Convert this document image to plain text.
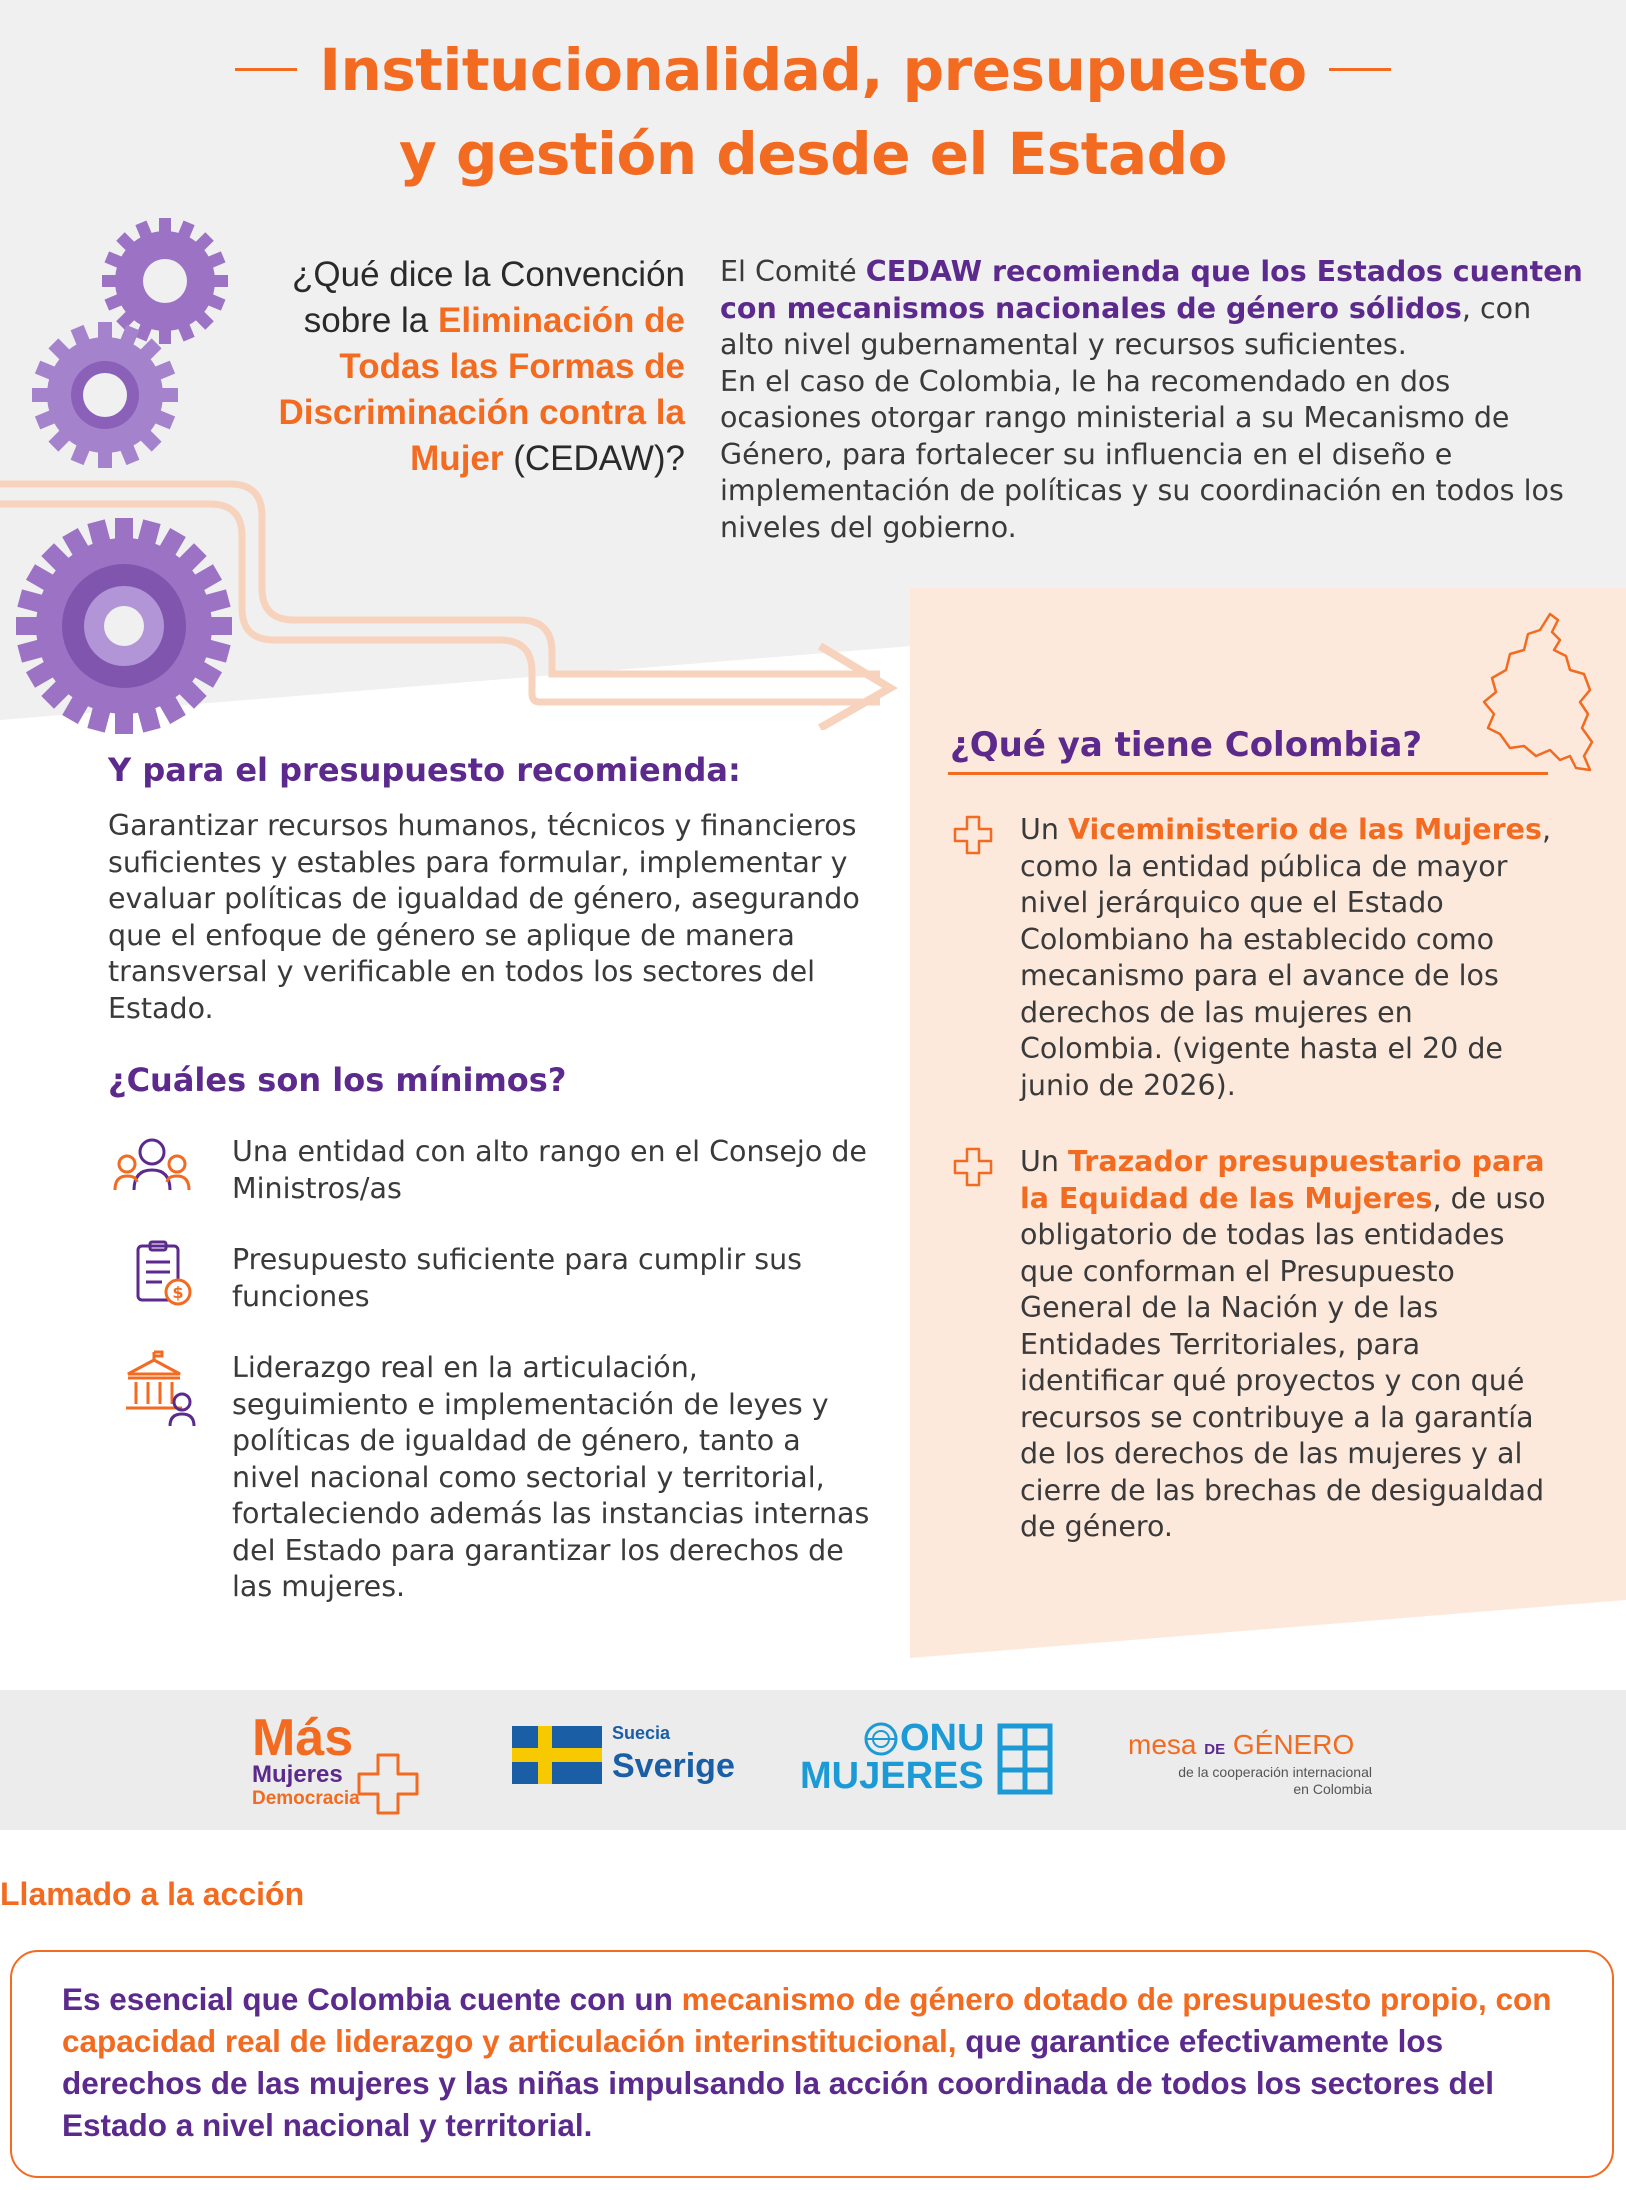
Institucionalidad, presupuesto
y gestión desde el Estado
¿Qué dice la Convención sobre la Eliminación de Todas las Formas de Discriminación contra la Mujer (CEDAW)?
El Comité CEDAW recomienda que los Estados cuenten con mecanismos nacionales de género sólidos, con alto nivel gubernamental y recursos suficientes.
En el caso de Colombia, le ha recomendado en dos ocasiones otorgar rango ministerial a su Mecanismo de Género, para fortalecer su influencia en el diseño e implementación de políticas y su coordinación en todos los niveles del gobierno.
Y para el presupuesto recomienda:
Garantizar recursos humanos, técnicos y financieros suficientes y estables para formular, implementar y evaluar políticas de igualdad de género, asegurando que el enfoque de género se aplique de manera transversal y verificable en todos los sectores del Estado.
¿Cuáles son los mínimos?
Una entidad con alto rango en el Consejo de Ministros/as
$
Presupuesto suficiente para cumplir sus funciones
Liderazgo real en la articulación, seguimiento e implementación de leyes y políticas de igualdad de género, tanto a nivel nacional como sectorial y territorial, fortaleciendo además las instancias internas del Estado para garantizar los derechos de las mujeres.
¿Qué ya tiene Colombia?
Un Viceministerio de las Mujeres, como la entidad pública de mayor nivel jerárquico que el Estado Colombiano ha establecido como mecanismo para el avance de los derechos de las mujeres en Colombia. (vigente hasta el 20 de junio de 2026).
Un Trazador presupuestario para la Equidad de las Mujeres, de uso obligatorio de todas las entidades que conforman el Presupuesto General de la Nación y de las Entidades Territoriales, para identificar qué proyectos y con qué recursos se contribuye a la garantía de los derechos de las mujeres y al cierre de las brechas de desigualdad de género.
Más
Mujeres
Democracia
Suecia
Sverige
ONU
MUJERES
mesa DE GÉNERO
de la cooperación internacional
en Colombia
Llamado a la acción
Es esencial que Colombia cuente con un mecanismo de género dotado de presupuesto propio, con capacidad real de liderazgo y articulación interinstitucional, que garantice efectivamente los derechos de las mujeres y las niñas impulsando la acción coordinada de todos los sectores del Estado a nivel nacional y territorial.
